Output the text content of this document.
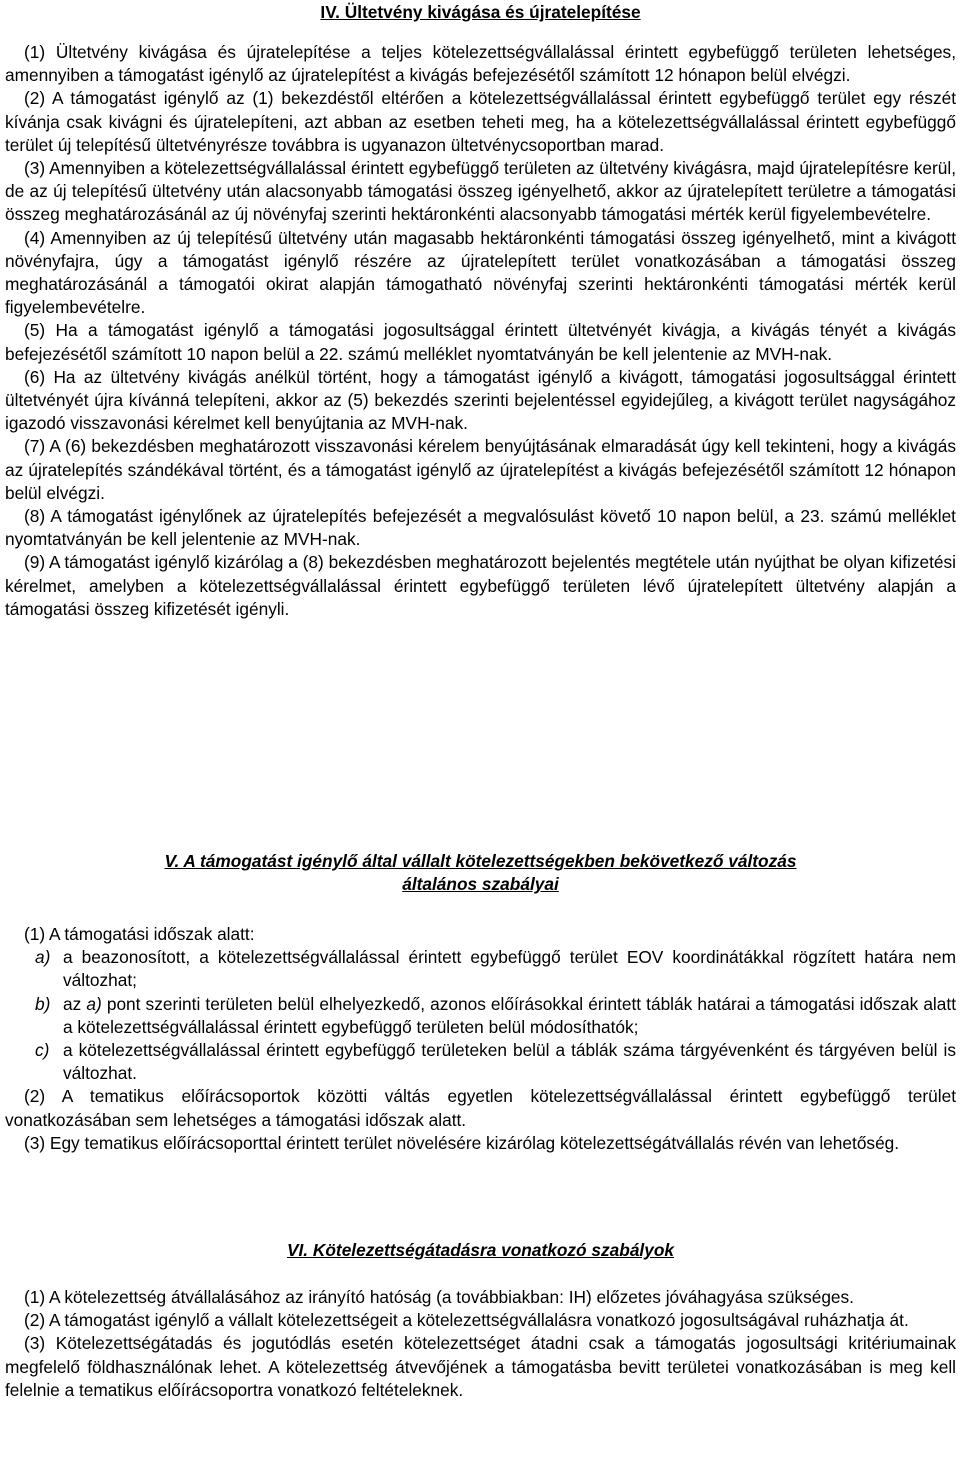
IV. Ültetvény kivágása és újratelepítése

(1) Ültetvény kivágása és újratelepítése a teljes kötelezettségvállalással érintett egybefüggő területen lehetséges, amennyiben a támogatást igénylő az újratelepítést a kivágás befejezésétől számított 12 hónapon belül elvégzi.

(2) A támogatást igénylő az (1) bekezdéstől eltérően a kötelezettségvállalással érintett egybefüggő terület egy részét kívánja csak kivágni és újratelepíteni, azt abban az esetben teheti meg, ha a kötelezettségvállalással érintett egybefüggő terület új telepítésű ültetvényrésze továbbra is ugyanazon ültetvénycsoportban marad.

(3) Amennyiben a kötelezettségvállalással érintett egybefüggő területen az ültetvény kivágásra, majd újratelepítésre kerül, de az új telepítésű ültetvény után alacsonyabb támogatási összeg igényelhető, akkor az újratelepített területre a támogatási összeg meghatározásánál az új növényfaj szerinti hektáronkénti alacsonyabb támogatási mérték kerül figyelembevételre.

(4) Amennyiben az új telepítésű ültetvény után magasabb hektáronkénti támogatási összeg igényelhető, mint a kivágott növényfajra, úgy a támogatást igénylő részére az újratelepített terület vonatkozásában a támogatási összeg meghatározásánál a támogatói okirat alapján támogatható növényfaj szerinti hektáronkénti támogatási mérték kerül figyelembevételre.

(5) Ha a támogatást igénylő a támogatási jogosultsággal érintett ültetvényét kivágja, a kivágás tényét a kivágás befejezésétől számított 10 napon belül a 22. számú melléklet nyomtatványán be kell jelentenie az MVH-nak.

(6) Ha az ültetvény kivágás anélkül történt, hogy a támogatást igénylő a kivágott, támogatási jogosultsággal érintett ültetvényét újra kívánná telepíteni, akkor az (5) bekezdés szerinti bejelentéssel egyidejűleg, a kivágott terület nagyságához igazodó visszavonási kérelmet kell benyújtania az MVH-nak.

(7) A (6) bekezdésben meghatározott visszavonási kérelem benyújtásának elmaradását úgy kell tekinteni, hogy a kivágás az újratelepítés szándékával történt, és a támogatást igénylő az újratelepítést a kivágás befejezésétől számított 12 hónapon belül elvégzi.

(8) A támogatást igénylőnek az újratelepítés befejezését a megvalósulást követő 10 napon belül, a 23. számú melléklet nyomtatványán be kell jelentenie az MVH-nak.

(9) A támogatást igénylő kizárólag a (8) bekezdésben meghatározott bejelentés megtétele után nyújthat be olyan kifizetési kérelmet, amelyben a kötelezettségvállalással érintett egybefüggő területen lévő újratelepített ültetvény alapján a támogatási összeg kifizetését igényli.

V. A támogatást igénylő által vállalt kötelezettségekben bekövetkező változás
általános szabályai

(1) A támogatási időszak alatt:

a) a beazonosított, a kötelezettségvállalással érintett egybefüggő terület EOV koordinátákkal rögzített határa nem változhat;
b) az a) pont szerinti területen belül elhelyezkedő, azonos előírásokkal érintett táblák határai a támogatási időszak alatt a kötelezettségvállalással érintett egybefüggő területen belül módosíthatók;
c) a kötelezettségvállalással érintett egybefüggő területeken belül a táblák száma tárgyévenként és tárgyéven belül is változhat.

(2) A tematikus előírácsoportok közötti váltás egyetlen kötelezettségvállalással érintett egybefüggő terület vonatkozásában sem lehetséges a támogatási időszak alatt.

(3) Egy tematikus előírácsoporttal érintett terület növelésére kizárólag kötelezettségátvállalás révén van lehetőség.

VI. Kötelezettségátadásra vonatkozó szabályok

(1) A kötelezettség átvállalásához az irányító hatóság (a továbbiakban: IH) előzetes jóváhagyása szükséges.

(2) A támogatást igénylő a vállalt kötelezettségeit a kötelezettségvállalásra vonatkozó jogosultságával ruházhatja át.

(3) Kötelezettségátadás és jogutódlás esetén kötelezettséget átadni csak a támogatás jogosultsági kritériumainak megfelelő földhasználónak lehet. A kötelezettség átvevőjének a támogatásba bevitt területei vonatkozásában is meg kell felelnie a tematikus előírácsoportra vonatkozó feltételeknek.
